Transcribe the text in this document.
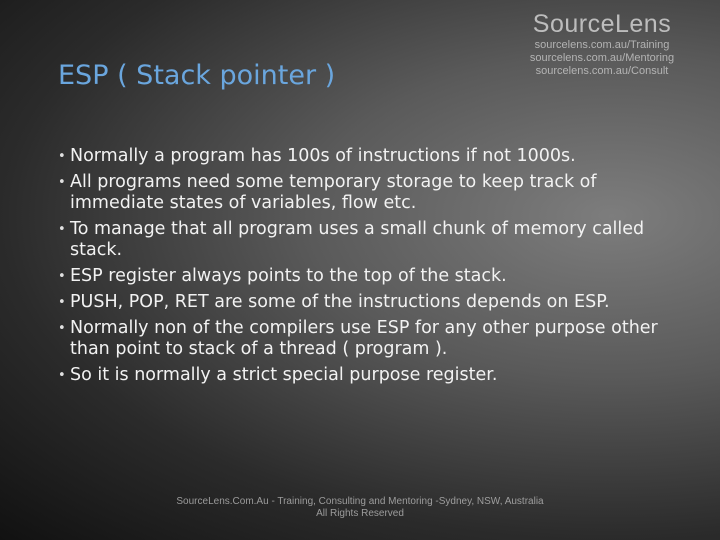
SourceLens
sourcelens.com.au/Training
sourcelens.com.au/Mentoring
sourcelens.com.au/Consult
ESP ( Stack pointer )
• Normally a program has 100s of instructions if not 1000s.
• All programs need some temporary storage to keep track of immediate states of variables, flow etc.
• To manage that all program uses a small chunk of memory called stack.
• ESP register always points to the top of the stack.
• PUSH, POP, RET are some of the instructions depends on ESP.
• Normally non of the compilers use ESP for any other purpose other than point to stack of a thread ( program ).
• So it is normally a strict special purpose register.
SourceLens.Com.Au - Training, Consulting and Mentoring -Sydney, NSW, Australia
All Rights Reserved
